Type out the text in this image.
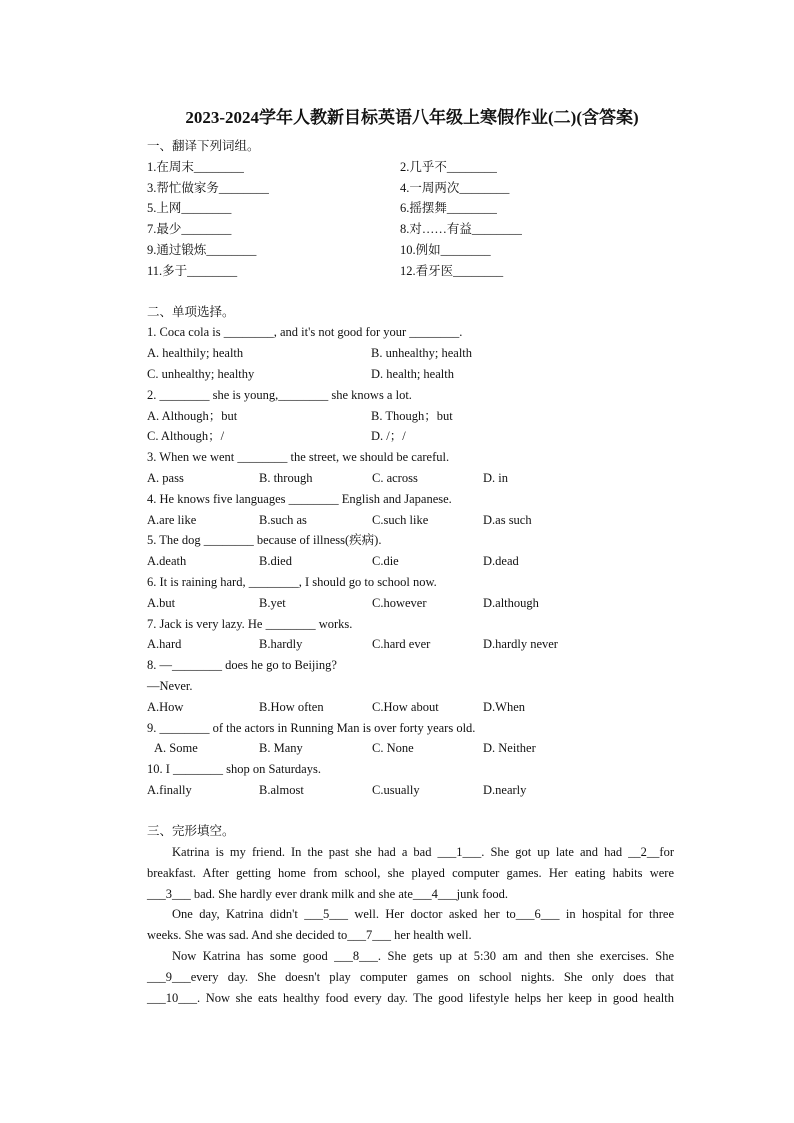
2023-2024学年人教新目标英语八年级上寒假作业(二)(含答案)
一、翻译下列词组。
1.在周末________	2.几乎不________
3.帮忙做家务________	4.一周两次________
5.上网________	6.摇摆舞________
7.最少________	8.对……有益________
9.通过锻炼________	10.例如________
11.多于________	12.看牙医________
二、单项选择。
1. Coca cola is ________, and it's not good for your ________.
A. healthily; health	B. unhealthy; health
C. unhealthy; healthy	D. health; health
2. ________ she is young,________ she knows a lot.
A. Although；but	B. Though；but
C. Although；/	D. /；/
3. When we went ________ the street, we should be careful.
A. pass	B. through	C. across	D. in
4. He knows five languages ________ English and Japanese.
A.are like	B.such as	C.such like	D.as such
5. The dog ________ because of illness(疾病).
A.death	B.died	C.die	D.dead
6. It is raining hard, ________, I should go to school now.
A.but	B.yet	C.however	D.although
7. Jack is very lazy. He ________ works.
A.hard	B.hardly	C.hard ever	D.hardly never
8. —________ does he go to Beijing?
—Never.
A.How	B.How often	C.How about	D.When
9. ________ of the actors in Running Man is over forty years old.
A. Some	B. Many	C. None	D. Neither
10. I ________ shop on Saturdays.
A.finally	B.almost	C.usually	D.nearly
三、完形填空。
Katrina is my friend. In the past she had a bad ___1___. She got up late and had __2__for
breakfast. After getting home from school, she played computer games. Her eating habits were
___3___ bad. She hardly ever drank milk and she ate___4___junk food.
One day, Katrina didn't ___5___ well. Her doctor asked her to___6___ in hospital for three
weeks. She was sad. And she decided to___7___ her health well.
Now Katrina has some good ___8___. She gets up at 5:30 am and then she exercises. She
___9___every day. She doesn't play computer games on school nights. She only does that
___10___. Now she eats healthy food every day. The good lifestyle helps her keep in good health
